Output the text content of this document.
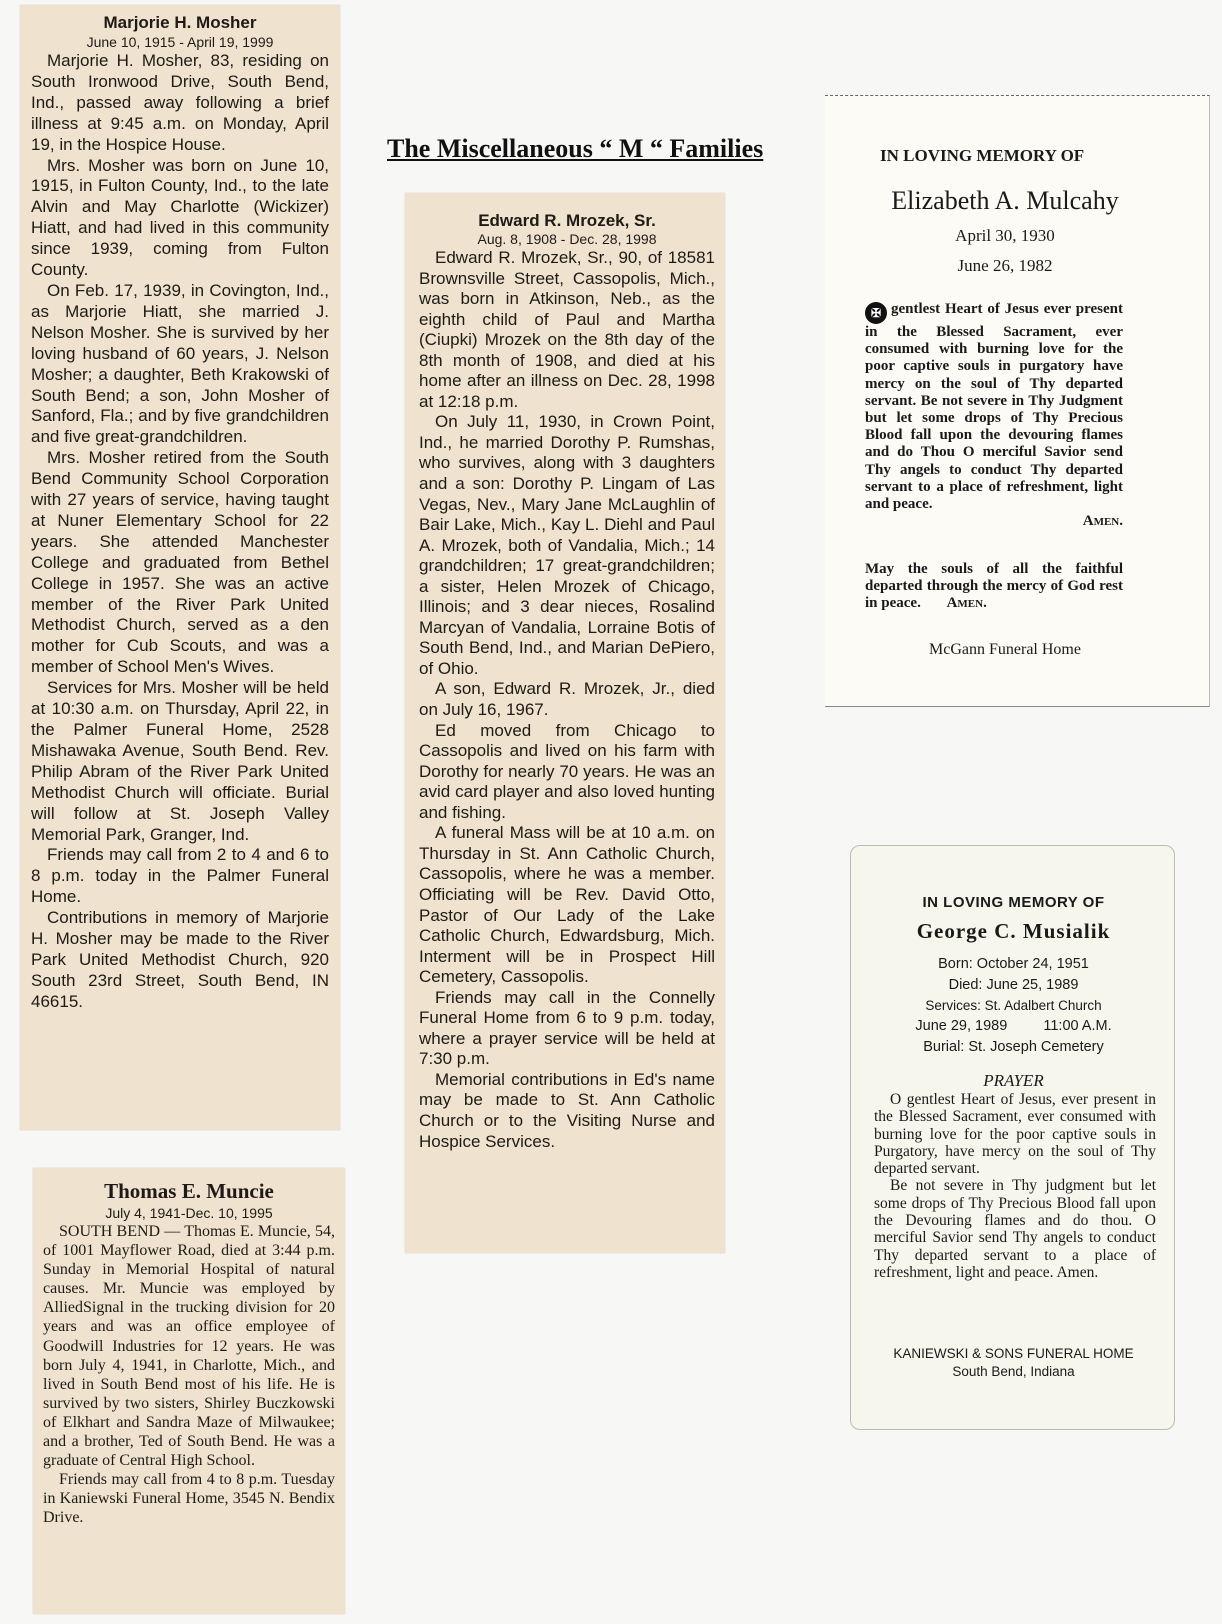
The Miscellaneous “ M “ Families
Marjorie H. Mosher
June 10, 1915 - April 19, 1999

Marjorie H. Mosher, 83, residing on South Ironwood Drive, South Bend, Ind., passed away following a brief illness at 9:45 a.m. on Monday, April 19, in the Hospice House.

Mrs. Mosher was born on June 10, 1915, in Fulton County, Ind., to the late Alvin and May Charlotte (Wickizer) Hiatt, and had lived in this community since 1939, coming from Fulton County.

On Feb. 17, 1939, in Covington, Ind., as Marjorie Hiatt, she married J. Nelson Mosher. She is survived by her loving husband of 60 years, J. Nelson Mosher; a daughter, Beth Krakowski of South Bend; a son, John Mosher of Sanford, Fla.; and by five grandchildren and five great-grandchildren.

Mrs. Mosher retired from the South Bend Community School Corporation with 27 years of service, having taught at Nuner Elementary School for 22 years. She attended Manchester College and graduated from Bethel College in 1957. She was an active member of the River Park United Methodist Church, served as a den mother for Cub Scouts, and was a member of School Men's Wives.

Services for Mrs. Mosher will be held at 10:30 a.m. on Thursday, April 22, in the Palmer Funeral Home, 2528 Mishawaka Avenue, South Bend. Rev. Philip Abram of the River Park United Methodist Church will officiate. Burial will follow at St. Joseph Valley Memorial Park, Granger, Ind.

Friends may call from 2 to 4 and 6 to 8 p.m. today in the Palmer Funeral Home.

Contributions in memory of Marjorie H. Mosher may be made to the River Park United Methodist Church, 920 South 23rd Street, South Bend, IN 46615.

Edward R. Mrozek, Sr.
Aug. 8, 1908 - Dec. 28, 1998

Edward R. Mrozek, Sr., 90, of 18581 Brownsville Street, Cassopolis, Mich., was born in Atkinson, Neb., as the eighth child of Paul and Martha (Ciupki) Mrozek on the 8th day of the 8th month of 1908, and died at his home after an illness on Dec. 28, 1998 at 12:18 p.m.

On July 11, 1930, in Crown Point, Ind., he married Dorothy P. Rumshas, who survives, along with 3 daughters and a son: Dorothy P. Lingam of Las Vegas, Nev., Mary Jane McLaughlin of Bair Lake, Mich., Kay L. Diehl and Paul A. Mrozek, both of Vandalia, Mich.; 14 grandchildren; 17 great-grandchildren; a sister, Helen Mrozek of Chicago, Illinois; and 3 dear nieces, Rosalind Marcyan of Vandalia, Lorraine Botis of South Bend, Ind., and Marian DePiero, of Ohio.

A son, Edward R. Mrozek, Jr., died on July 16, 1967.

Ed moved from Chicago to Cassopolis and lived on his farm with Dorothy for nearly 70 years. He was an avid card player and also loved hunting and fishing.

A funeral Mass will be at 10 a.m. on Thursday in St. Ann Catholic Church, Cassopolis, where he was a member. Officiating will be Rev. David Otto, Pastor of Our Lady of the Lake Catholic Church, Edwardsburg, Mich. Interment will be in Prospect Hill Cemetery, Cassopolis.

Friends may call in the Connelly Funeral Home from 6 to 9 p.m. today, where a prayer service will be held at 7:30 p.m.

Memorial contributions in Ed's name may be made to St. Ann Catholic Church or to the Visiting Nurse and Hospice Services.

Thomas E. Muncie
July 4, 1941-Dec. 10, 1995

SOUTH BEND — Thomas E. Muncie, 54, of 1001 Mayflower Road, died at 3:44 p.m. Sunday in Memorial Hospital of natural causes. Mr. Muncie was employed by AlliedSignal in the trucking division for 20 years and was an office employee of Goodwill Industries for 12 years. He was born July 4, 1941, in Charlotte, Mich., and lived in South Bend most of his life. He is survived by two sisters, Shirley Buczkowski of Elkhart and Sandra Maze of Milwaukee; and a brother, Ted of South Bend. He was a graduate of Central High School.

Friends may call from 4 to 8 p.m. Tuesday in Kaniewski Funeral Home, 3545 N. Bendix Drive.

IN LOVING MEMORY OF
Elizabeth A. Mulcahy
April 30, 1930
June 26, 1982
✠ gentlest Heart of Jesus ever present in the Blessed Sacrament, ever consumed with burning love for the poor captive souls in purgatory have mercy on the soul of Thy departed servant. Be not severe in Thy Judgment but let some drops of Thy Precious Blood fall upon the devouring flames and do Thou O merciful Savior send Thy angels to conduct Thy departed servant to a place of refreshment, light and peace.
Amen.
May the souls of all the faithful departed through the mercy of God rest in peace. Amen.
McGann Funeral Home
IN LOVING MEMORY OF
George C. Musialik
Born: October 24, 1951
Died: June 25, 1989
Services: St. Adalbert Church
June 29, 1989 11:00 A.M.
Burial: St. Joseph Cemetery
PRAYER

O gentlest Heart of Jesus, ever present in the Blessed Sacrament, ever consumed with burning love for the poor captive souls in Purgatory, have mercy on the soul of Thy departed servant.

Be not severe in Thy judgment but let some drops of Thy Precious Blood fall upon the Devouring flames and do thou. O merciful Savior send Thy angels to conduct Thy departed servant to a place of refreshment, light and peace. Amen.

KANIEWSKI & SONS FUNERAL HOME
South Bend, Indiana
